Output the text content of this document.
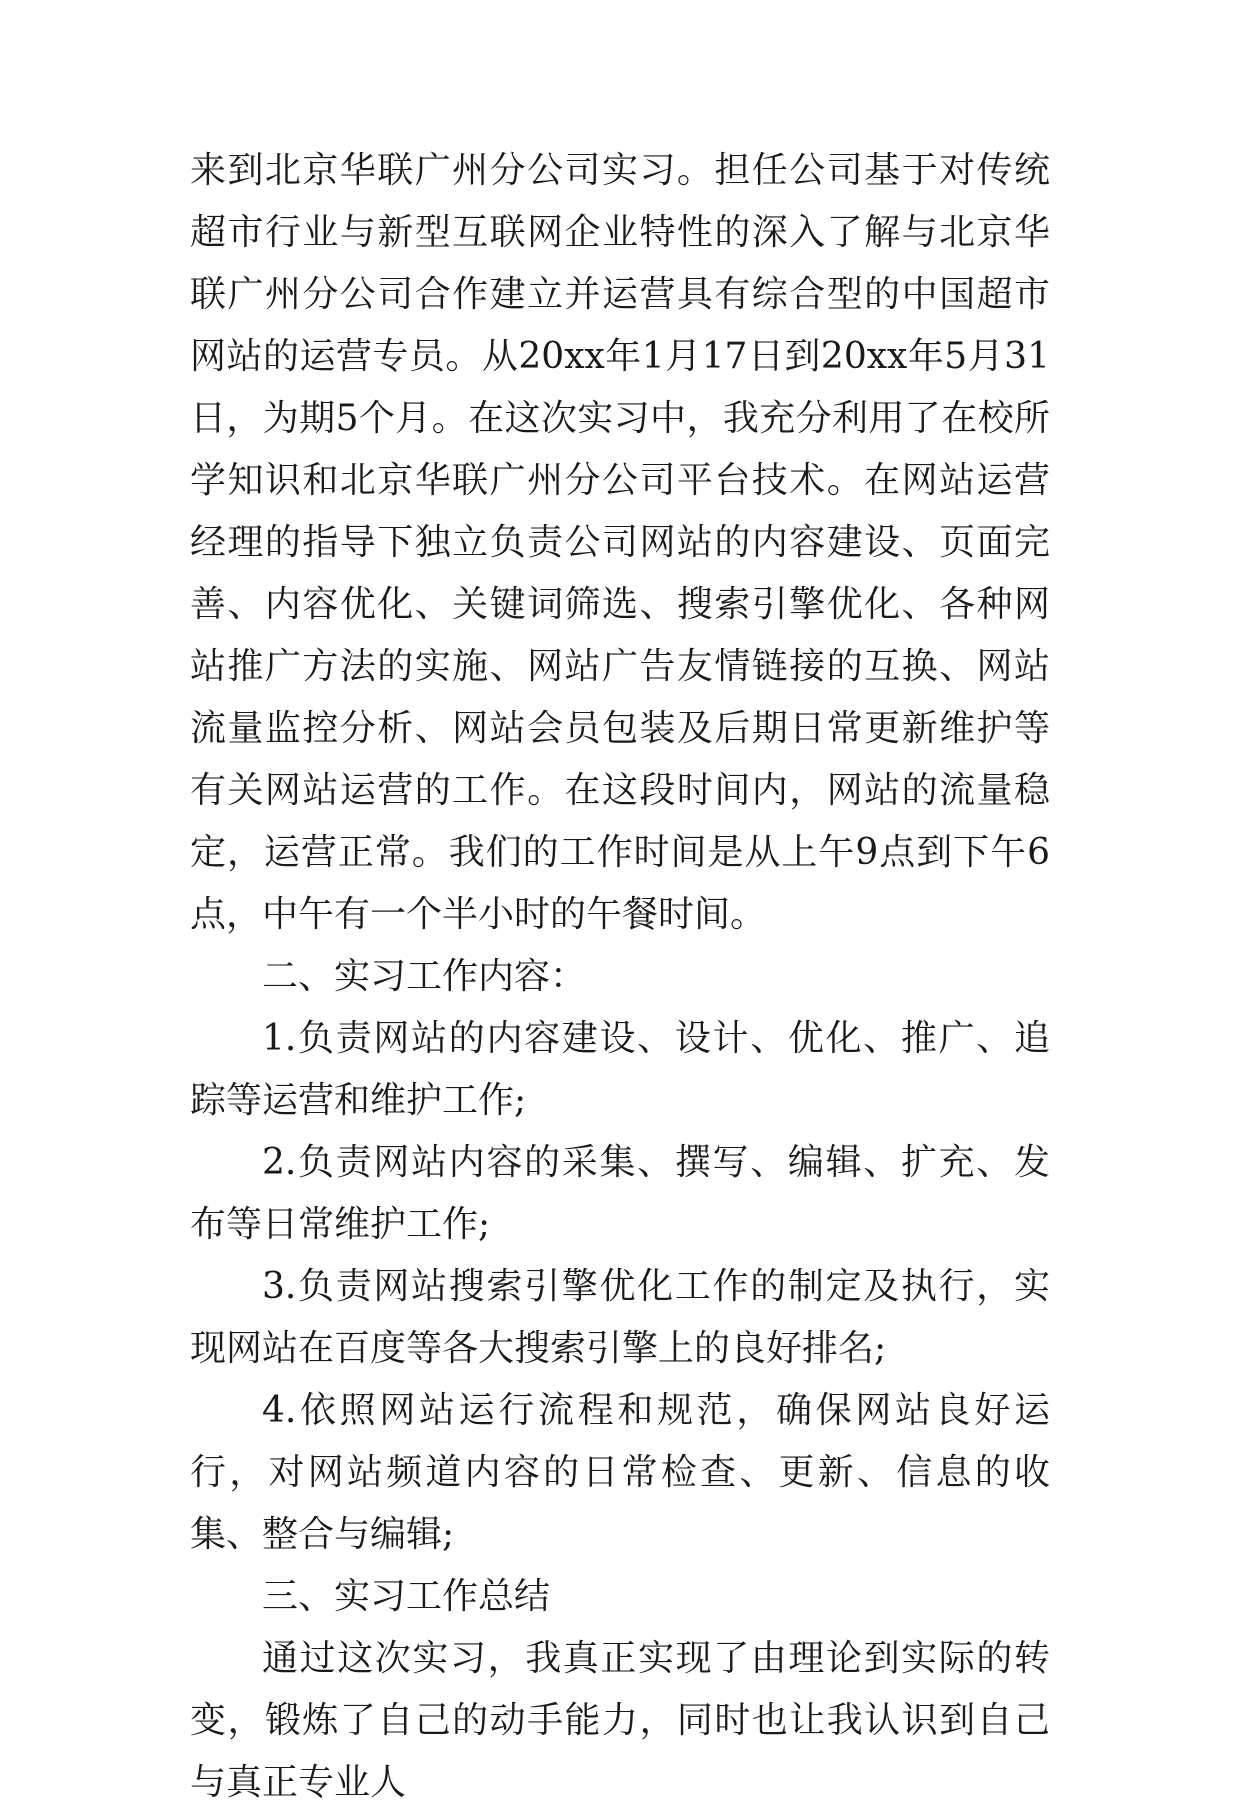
来到北京华联广州分公司实习。担任公司基于对传统超市行业与新型互联网企业特性的深入了解与北京华联广州分公司合作建立并运营具有综合型的中国超市网站的运营专员。从20xx年1月17日到20xx年5月31日，为期5个月。在这次实习中，我充分利用了在校所学知识和北京华联广州分公司平台技术。在网站运营经理的指导下独立负责公司网站的内容建设、页面完善、内容优化、关键词筛选、搜索引擎优化、各种网站推广方法的实施、网站广告友情链接的互换、网站流量监控分析、网站会员包装及后期日常更新维护等有关网站运营的工作。在这段时间内，网站的流量稳定，运营正常。我们的工作时间是从上午9点到下午6点，中午有一个半小时的午餐时间。

二、实习工作内容：

1.负责网站的内容建设、设计、优化、推广、追踪等运营和维护工作;

2.负责网站内容的采集、撰写、编辑、扩充、发布等日常维护工作;

3.负责网站搜索引擎优化工作的制定及执行，实现网站在百度等各大搜索引擎上的良好排名;

4.依照网站运行流程和规范，确保网站良好运行，对网站频道内容的日常检查、更新、信息的收集、整合与编辑;

三、实习工作总结

通过这次实习，我真正实现了由理论到实际的转变，锻炼了自己的动手能力，同时也让我认识到自己与真正专业人
